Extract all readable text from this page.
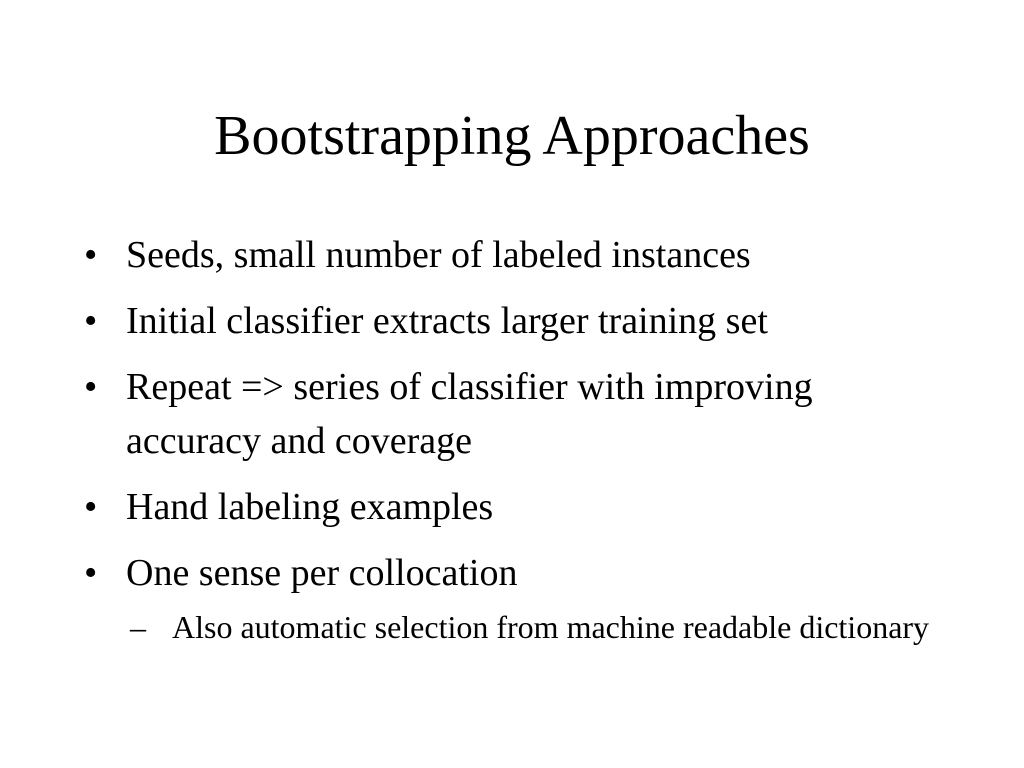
Bootstrapping Approaches
• Seeds, small number of labeled instances
• Initial classifier extracts larger training set
• Repeat => series of classifier with improving accuracy and coverage
• Hand labeling examples
• One sense per collocation
– Also automatic selection from machine readable dictionary
